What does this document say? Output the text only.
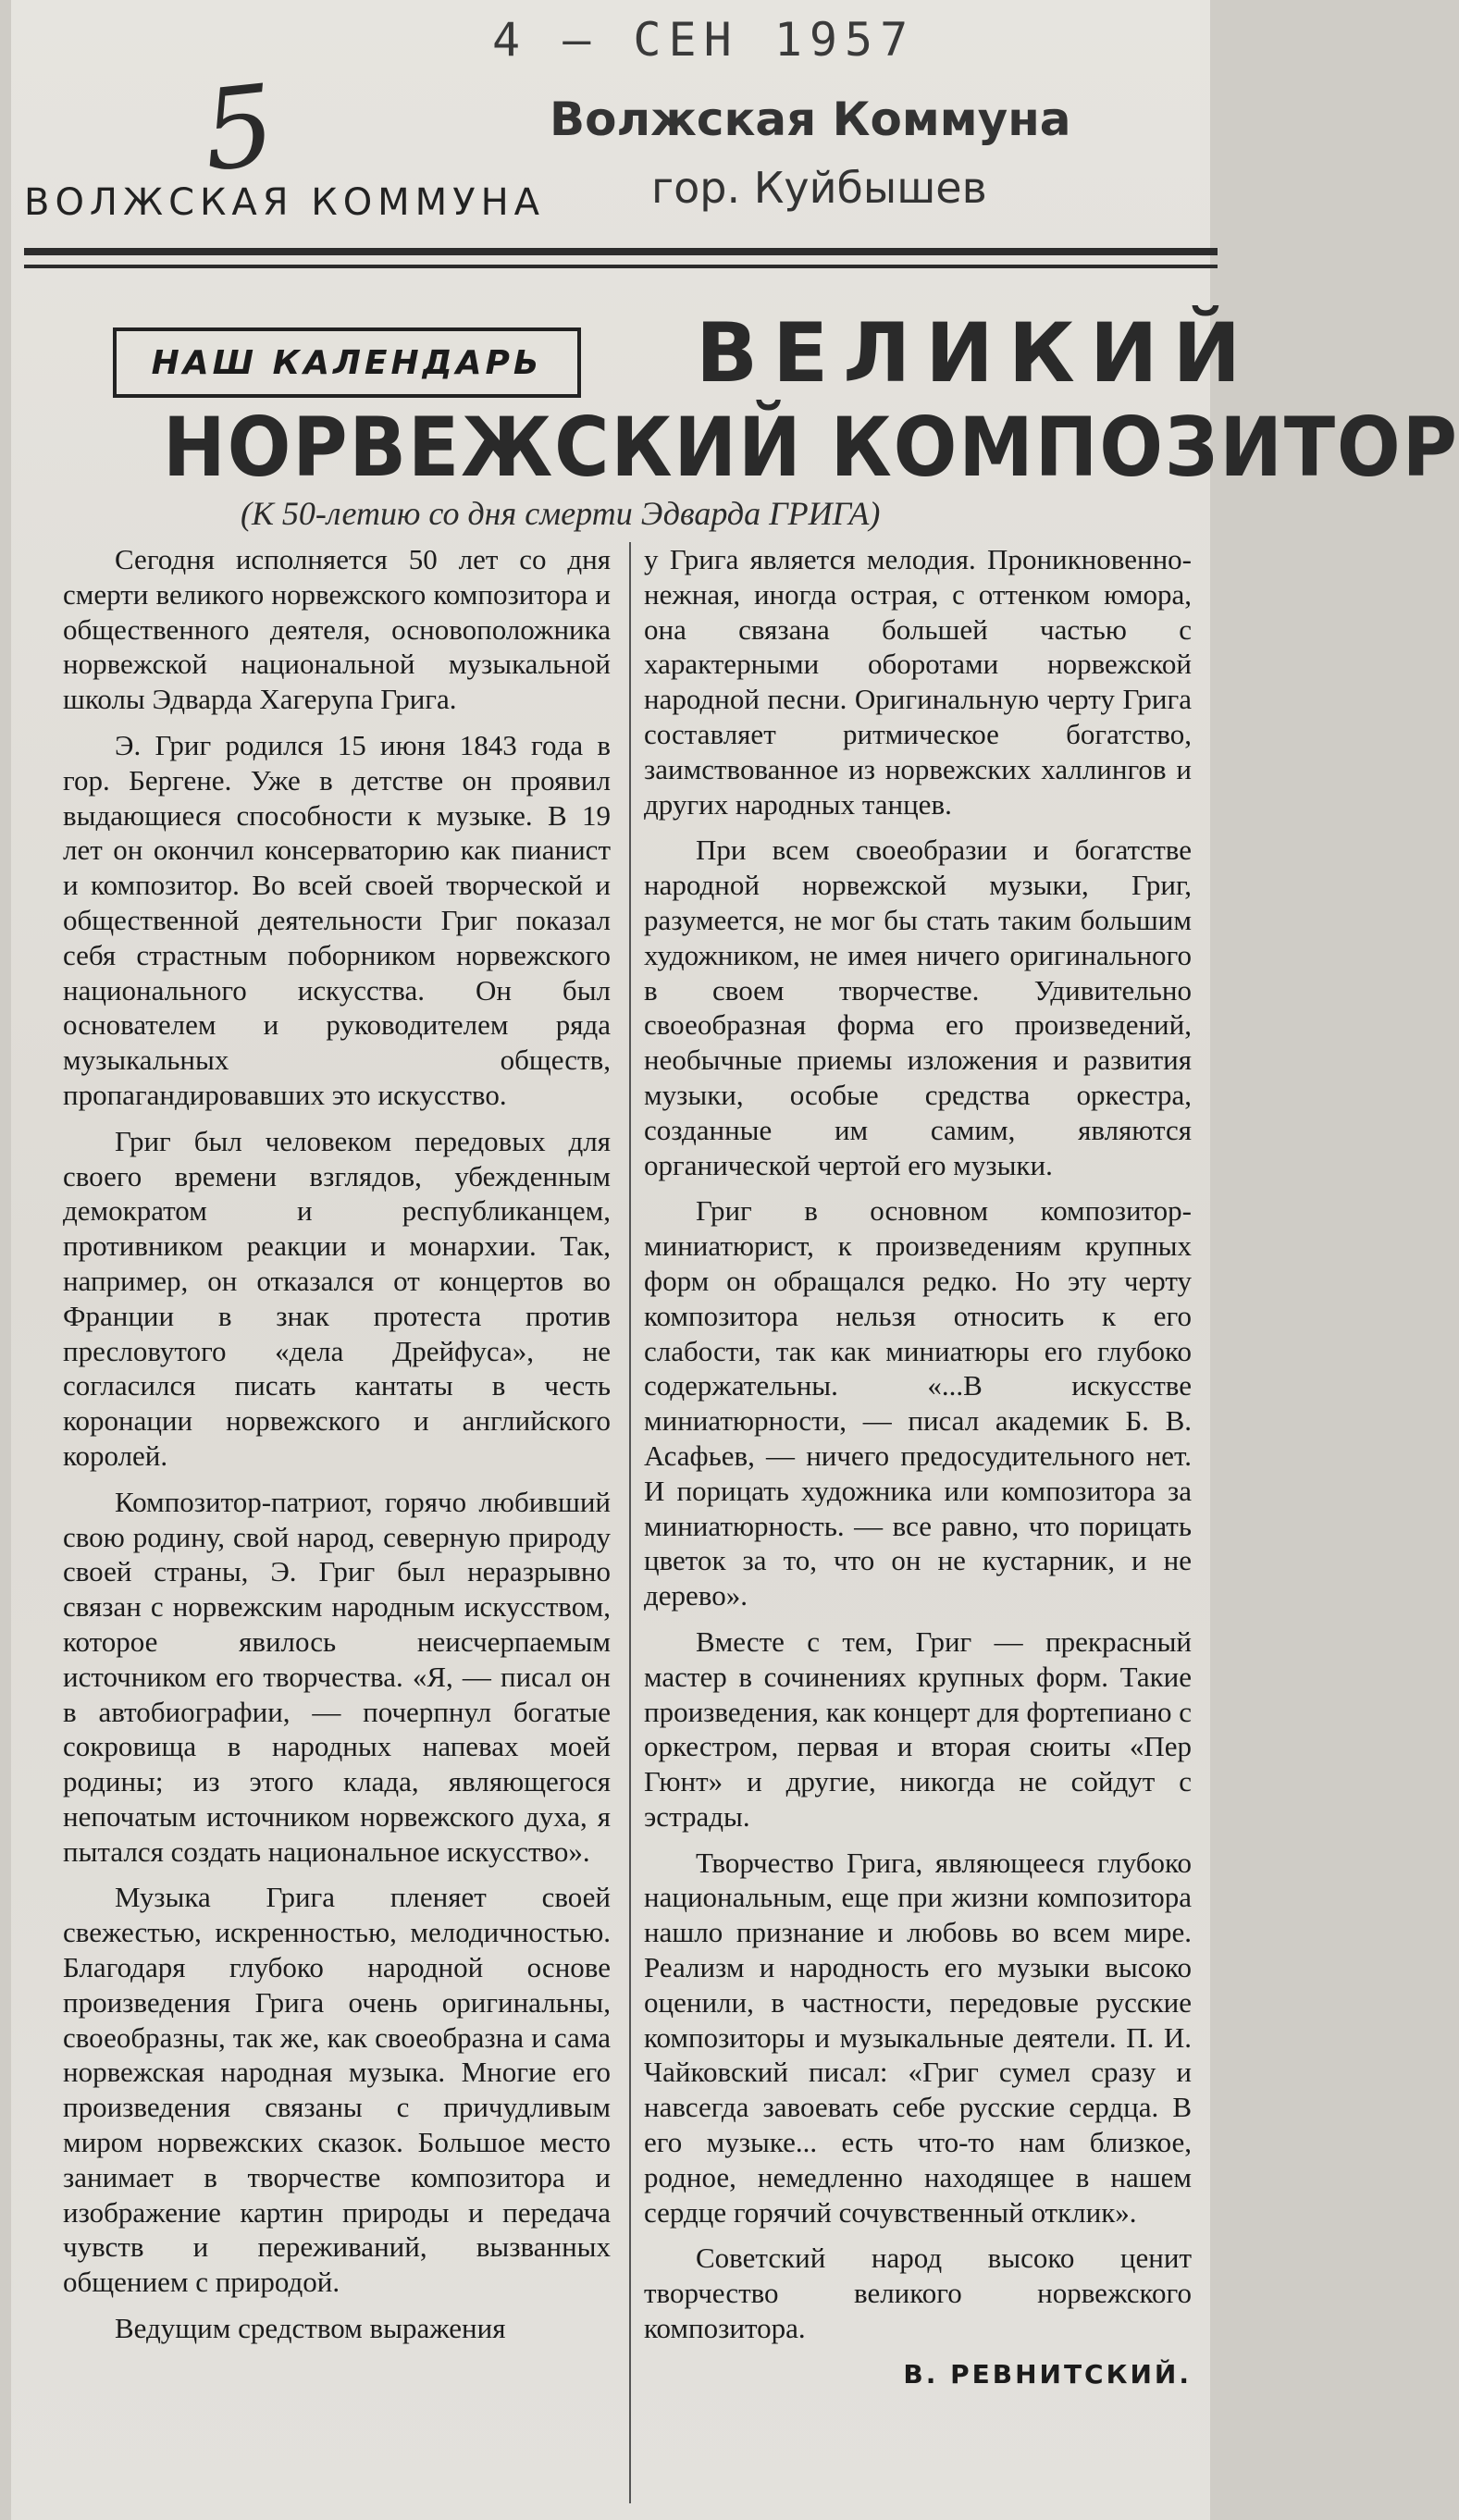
4 — СЕН 1957
5	Волжская Коммуна
гор. Куйбышев
ВОЛЖСКАЯ КОММУНА
НАШ КАЛЕНДАРЬ	ВЕЛИКИЙ
НОРВЕЖСКИЙ КОМПОЗИТОР
(К 50-летию со дня смерти Эдварда ГРИГА)

Сегодня исполняется 50 лет со дня смерти великого норвежского композитора и общественного деятеля, основоположника норвежской национальной музыкальной школы Эдварда Хагерупа Грига.

Э. Григ родился 15 июня 1843 года в гор. Бергене. Уже в детстве он проявил выдающиеся способности к музыке. В 19 лет он окончил консерваторию как пианист и композитор. Во всей своей творческой и общественной деятельности Григ показал себя страстным поборником норвежского национального искусства. Он был основателем и руководителем ряда музыкальных обществ, пропагандировавших это искусство.

Григ был человеком передовых для своего времени взглядов, убежденным демократом и республиканцем, противником реакции и монархии. Так, например, он отказался от концертов во Франции в знак протеста против пресловутого «дела Дрейфуса», не согласился писать кантаты в честь коронации норвежского и английского королей.

Композитор-патриот, горячо любивший свою родину, свой народ, северную природу своей страны, Э. Григ был неразрывно связан с норвежским народным искусством, которое явилось неисчерпаемым источником его творчества. «Я, — писал он в автобиографии, — почерпнул богатые сокровища в народных напевах моей родины; из этого клада, являющегося непочатым источником норвежского духа, я пытался создать национальное искусство».

Музыка Грига пленяет своей свежестью, искренностью, мелодичностью. Благодаря глубоко народной основе произведения Грига очень оригинальны, своеобразны, так же, как своеобразна и сама норвежская народная музыка. Многие его произведения связаны с причудливым миром норвежских сказок. Большое место занимает в творчестве композитора и изображение картин природы и передача чувств и переживаний, вызванных общением с природой.

Ведущим средством выражения

у Грига является мелодия. Проникновенно-нежная, иногда острая, с оттенком юмора, она связана большей частью с характерными оборотами норвежской народной песни. Оригинальную черту Грига составляет ритмическое богатство, заимствованное из норвежских халлингов и других народных танцев.

При всем своеобразии и богатстве народной норвежской музыки, Григ, разумеется, не мог бы стать таким большим художником, не имея ничего оригинального в своем творчестве. Удивительно своеобразная форма его произведений, необычные приемы изложения и развития музыки, особые средства оркестра, созданные им самим, являются органической чертой его музыки.

Григ в основном композитор-миниатюрист, к произведениям крупных форм он обращался редко. Но эту черту композитора нельзя относить к его слабости, так как миниатюры его глубоко содержательны. «...В искусстве миниатюрности, — писал академик Б. В. Асафьев, — ничего предосудительного нет. И порицать художника или композитора за миниатюрность. — все равно, что порицать цветок за то, что он не кустарник, и не дерево».

Вместе с тем, Григ — прекрасный мастер в сочинениях крупных форм. Такие произведения, как концерт для фортепиано с оркестром, первая и вторая сюиты «Пер Гюнт» и другие, никогда не сойдут с эстрады.

Творчество Грига, являющееся глубоко национальным, еще при жизни композитора нашло признание и любовь во всем мире. Реализм и народность его музыки высоко оценили, в частности, передовые русские композиторы и музыкальные деятели. П. И. Чайковский писал: «Григ сумел сразу и навсегда завоевать себе русские сердца. В его музыке... есть что-то нам близкое, родное, немедленно находящее в нашем сердце горячий сочувственный отклик».

Советский народ высоко ценит творчество великого норвежского композитора.

В. РЕВНИТСКИЙ.
